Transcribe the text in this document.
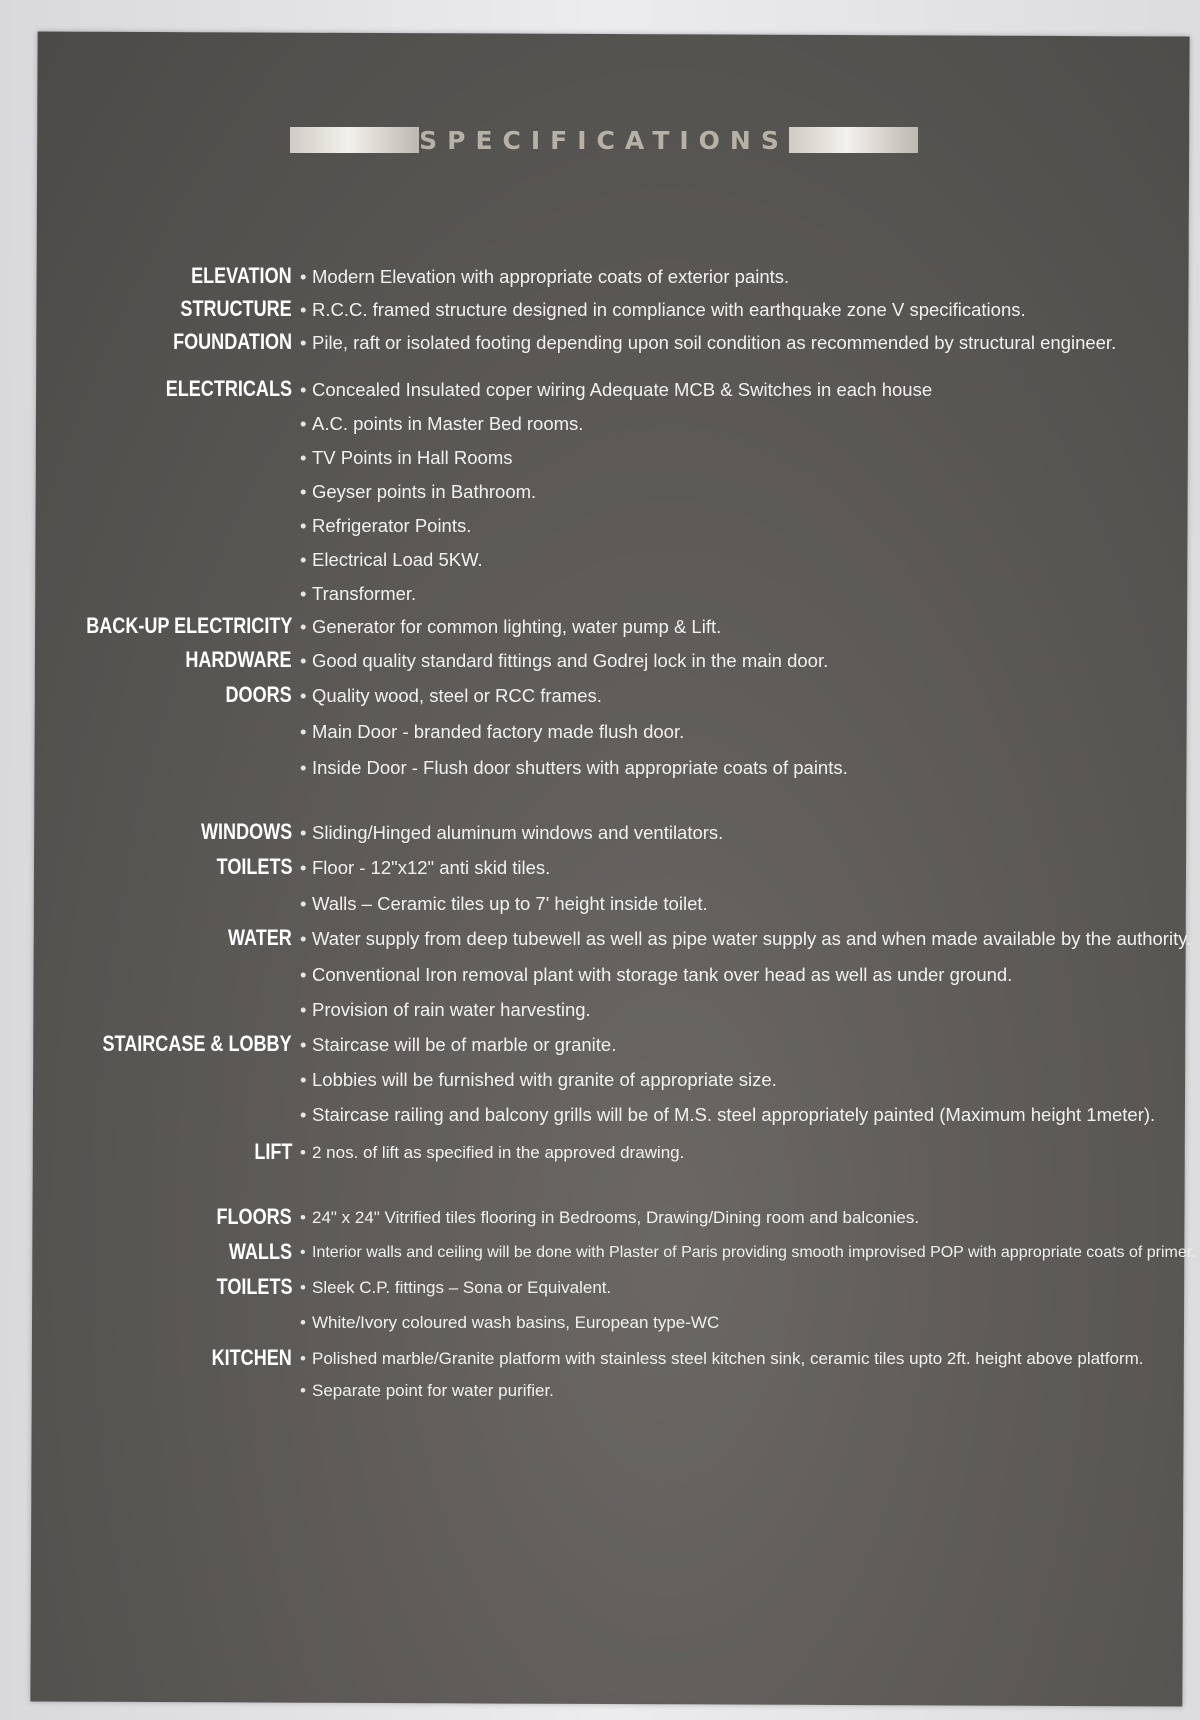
SPECIFICATIONS
ELEVATION • Modern Elevation with appropriate coats of exterior paints.
STRUCTURE • R.C.C. framed structure designed in compliance with earthquake zone V specifications.
FOUNDATION • Pile, raft or isolated footing depending upon soil condition as recommended by structural engineer.
ELECTRICALS • Concealed Insulated coper wiring Adequate MCB & Switches in each house
• A.C. points in Master Bed rooms.
• TV Points in Hall Rooms
• Geyser points in Bathroom.
• Refrigerator Points.
• Electrical Load 5KW.
• Transformer.
BACK-UP ELECTRICITY • Generator for common lighting, water pump & Lift.
HARDWARE • Good quality standard fittings and Godrej lock in the main door.
DOORS • Quality wood, steel or RCC frames.
• Main Door - branded factory made flush door.
• Inside Door - Flush door shutters with appropriate coats of paints.
WINDOWS • Sliding/Hinged aluminum windows and ventilators.
TOILETS • Floor - 12"x12" anti skid tiles.
• Walls – Ceramic tiles up to 7' height inside toilet.
WATER • Water supply from deep tubewell as well as pipe water supply as and when made available by the authority.
• Conventional Iron removal plant with storage tank over head as well as under ground.
• Provision of rain water harvesting.
STAIRCASE & LOBBY • Staircase will be of marble or granite.
• Lobbies will be furnished with granite of appropriate size.
• Staircase railing and balcony grills will be of M.S. steel appropriately painted (Maximum height 1meter).
LIFT • 2 nos. of lift as specified in the approved drawing.
FLOORS • 24" x 24" Vitrified tiles flooring in Bedrooms, Drawing/Dining room and balconies.
WALLS • Interior walls and ceiling will be done with Plaster of Paris providing smooth improvised POP with appropriate coats of primer.
TOILETS • Sleek C.P. fittings – Sona or Equivalent.
• White/Ivory coloured wash basins, European type-WC
KITCHEN • Polished marble/Granite platform with stainless steel kitchen sink, ceramic tiles upto 2ft. height above platform.
• Separate point for water purifier.
